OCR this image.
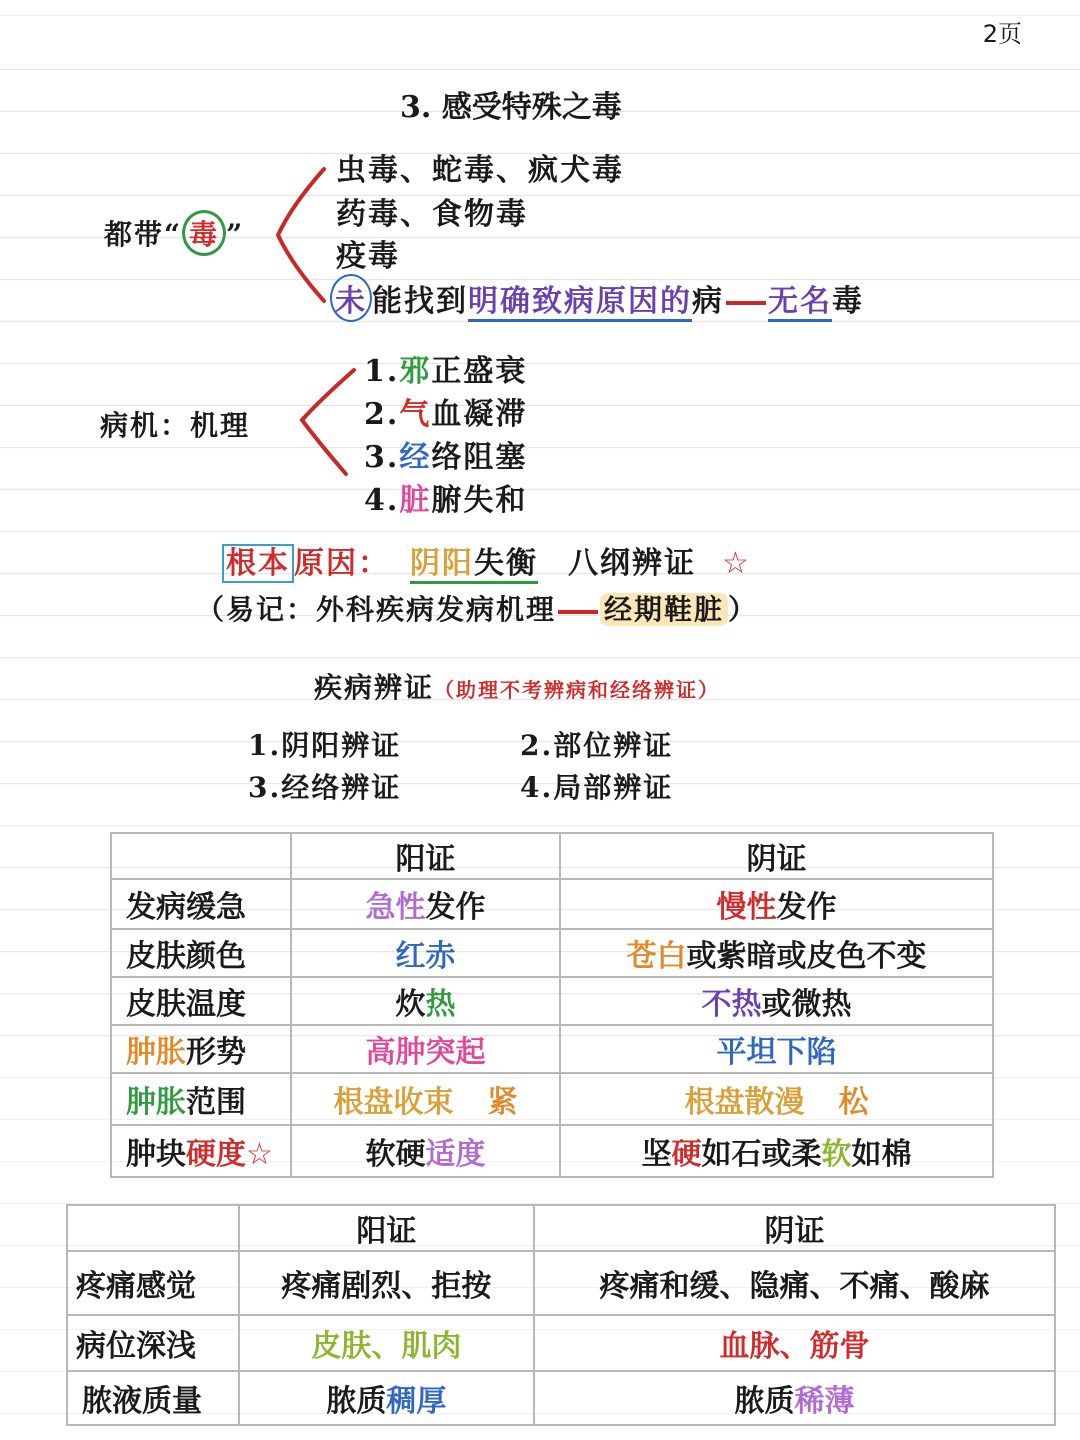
2页
3. 感受特殊之毒
都带“ 毒 ”
虫毒、蛇毒、疯犬毒
药毒、食物毒
疫毒
未 能找到明确致病原因的病 无名毒
病机：机理
1.邪正盛衰
2.气血凝滞
3.经络阻塞
4.脏腑失和
根本 原因： 阴阳失衡 八纲辨证 ☆
（易记：外科疾病发病机理 经期鞋脏 ）
疾病辨证（助理不考辨病和经络辨证）
1.阴阳辨证	2.部位辨证
3.经络辨证	4.局部辨证
	阳证	阴证
发病缓急	急性发作	慢性发作
皮肤颜色	红赤	苍白或紫暗或皮色不变
皮肤温度	炊热	不热或微热
肿胀形势	高肿突起	平坦下陷
肿胀范围	根盘收束 紧	根盘散漫 松
肿块硬度☆	软硬适度	坚硬如石或柔软如棉
	阳证	阴证
疼痛感觉	疼痛剧烈、拒按	疼痛和缓、隐痛、不痛、酸麻
病位深浅	皮肤、肌肉	血脉、筋骨
脓液质量	脓质稠厚	脓质稀薄
